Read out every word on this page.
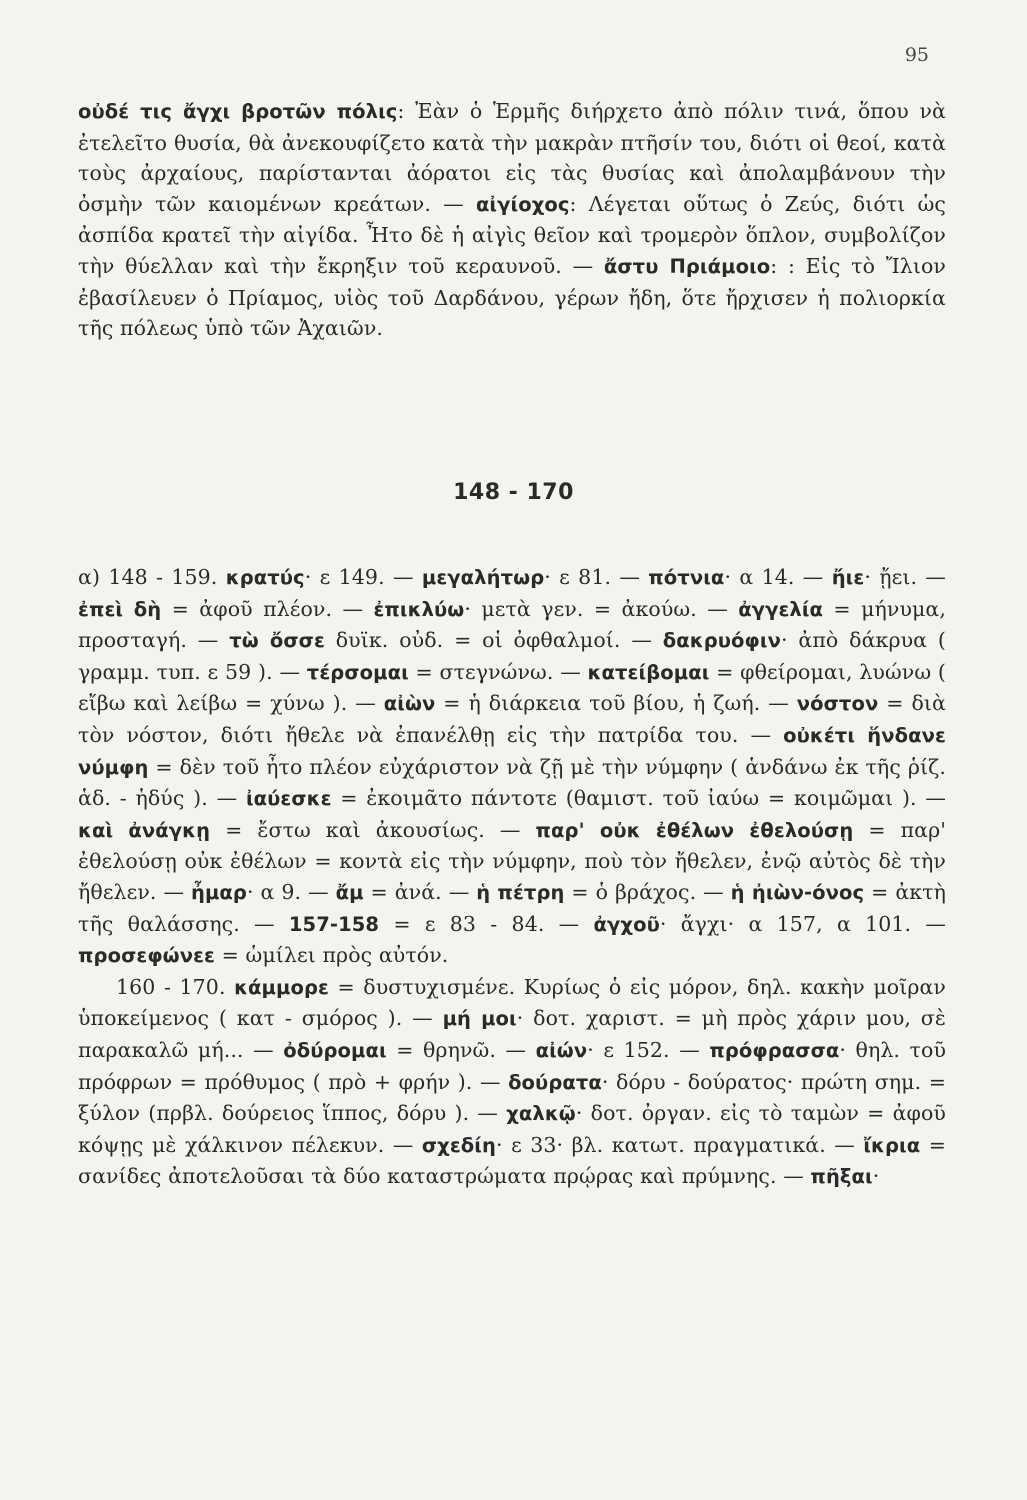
95

οὐδέ τις ἄγχι βροτῶν πόλις: Ἐὰν ὁ Ἑρμῆς διήρχετο ἀπὸ πόλιν τινά, ὅπου νὰ ἐτελεῖτο θυσία, θὰ ἀνεκουφίζετο κατὰ τὴν μακρὰν πτῆσίν του, διότι οἱ θεοί, κατὰ τοὺς ἀρχαίους, παρίστανται ἀόρατοι εἰς τὰς θυσίας καὶ ἀπολαμβάνουν τὴν ὀσμὴν τῶν καιομένων κρεάτων. — αἰγίοχος: Λέγεται οὕτως ὁ Ζεύς, διότι ὡς ἀσπίδα κρατεῖ τὴν αἰγίδα. Ἦτο δὲ ἡ αἰγὶς θεῖον καὶ τρομερὸν ὅπλον, συμβολίζον τὴν θύελλαν καὶ τὴν ἔκρηξιν τοῦ κεραυνοῦ. — ἄστυ Πριάμοιο: : Εἰς τὸ Ἴλιον ἐβασίλευεν ὁ Πρίαμος, υἱὸς τοῦ Δαρδάνου, γέρων ἤδη, ὅτε ἤρχισεν ἡ πολιορκία τῆς πόλεως ὑπὸ τῶν Ἀχαιῶν.

148 - 170

α) 148 - 159. κρατύς· ε 149. — μεγαλήτωρ· ε 81. — πότνια· α 14. — ἤιε· ᾔει. — ἐπεὶ δὴ = ἀφοῦ πλέον. — ἐπικλύω· μετὰ γεν. = ἀκούω. — ἀγγελία = μήνυμα, προσταγή. — τὼ ὄσσε δυϊκ. οὐδ. = οἱ ὀφθαλμοί. — δακρυόφιν· ἀπὸ δάκρυα ( γραμμ. τυπ. ε 59 ). — τέρσομαι = στεγνώνω. — κατείβομαι = φθείρομαι, λυώνω ( εἴβω καὶ λείβω = χύνω ). — αἰὼν = ἡ διάρκεια τοῦ βίου, ἡ ζωή. — νόστον = διὰ τὸν νόστον, διότι ἤθελε νὰ ἐπανέλθῃ εἰς τὴν πατρίδα του. — οὐκέτι ἥνδανε νύμφη = δὲν τοῦ ἦτο πλέον εὐχάριστον νὰ ζῇ μὲ τὴν νύμφην ( ἁνδάνω ἐκ τῆς ῥίζ. ἁδ. - ἡδύς ). — ἰαύεσκε = ἐκοιμᾶτο πάντοτε (θαμιστ. τοῦ ἰαύω = κοιμῶμαι ). — καὶ ἀνάγκῃ = ἔστω καὶ ἀκουσίως. — παρ' οὐκ ἐθέλων ἐθελούσῃ = παρ' ἐθελούσῃ οὐκ ἐθέλων = κοντὰ εἰς τὴν νύμφην, ποὺ τὸν ἤθελεν, ἐνῷ αὐτὸς δὲ τὴν ἤθελεν. — ἦμαρ· α 9. — ἄμ = ἀνά. — ἡ πέτρη = ὁ βράχος. — ἡ ἠιὼν-όνος = ἀκτὴ τῆς θαλάσσης. — 157-158 = ε 83 - 84. — ἀγχοῦ· ἄγχι· α 157, α 101. — προσεφώνεε = ὡμίλει πρὸς αὐτόν.

160 - 170. κάμμορε = δυστυχισμένε. Κυρίως ὁ εἰς μόρον, δηλ. κακὴν μοῖραν ὑποκείμενος ( κατ - σμόρος ). — μή μοι· δοτ. χαριστ. = μὴ πρὸς χάριν μου, σὲ παρακαλῶ μή... — ὀδύρομαι = θρηνῶ. — αἰών· ε 152. — πρόφρασσα· θηλ. τοῦ πρόφρων = πρόθυμος ( πρὸ + φρήν ). — δούρατα· δόρυ - δούρατος· πρώτη σημ. = ξύλον (πρβλ. δούρειος ἵππος, δόρυ ). — χαλκῷ· δοτ. ὀργαν. εἰς τὸ ταμὼν = ἀφοῦ κόψῃς μὲ χάλκινον πέλεκυν. — σχεδίη· ε 33· βλ. κατωτ. πραγματικά. — ἴκρια = σανίδες ἀποτελοῦσαι τὰ δύο καταστρώματα πρῴρας καὶ πρύμνης. — πῆξαι·
